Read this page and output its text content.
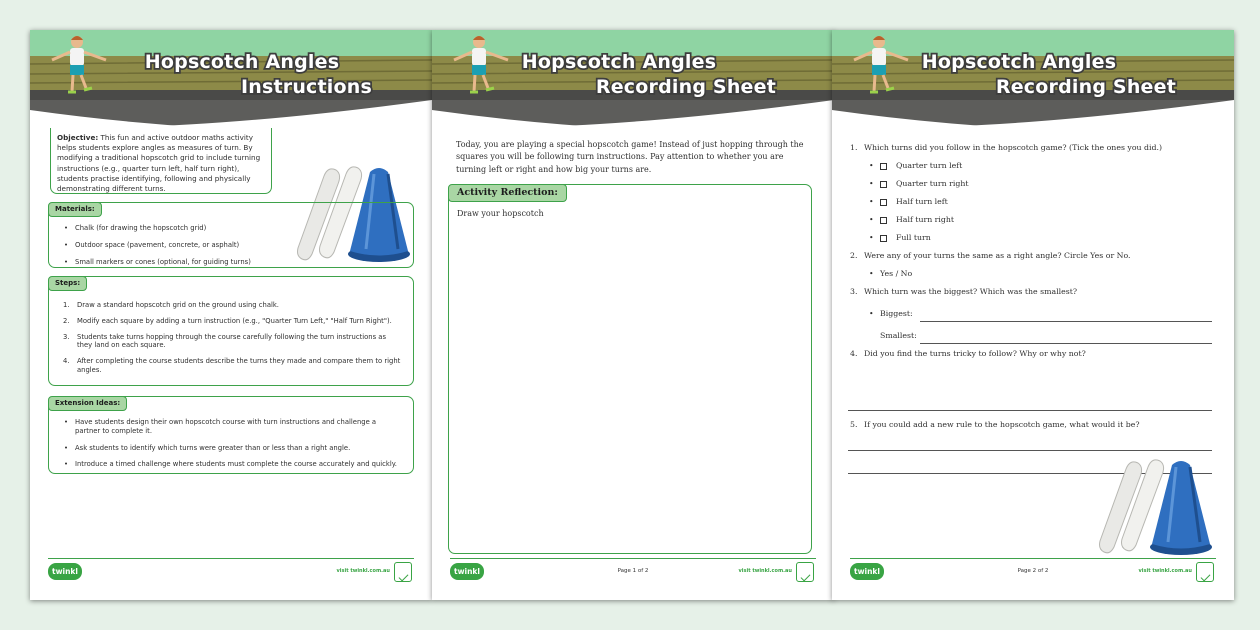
Hopscotch Angles
Instructions
Objective: This fun and active outdoor maths activity helps students explore angles as measures of turn. By modifying a traditional hopscotch grid to include turning instructions (e.g., quarter turn left, half turn right), students practise identifying, following and physically demonstrating different turns.
Materials:
• Chalk (for drawing the hopscotch grid)
• Outdoor space (pavement, concrete, or asphalt)
• Small markers or cones (optional, for guiding turns)
Steps:
1. Draw a standard hopscotch grid on the ground using chalk.
2. Modify each square by adding a turn instruction (e.g., "Quarter Turn Left," "Half Turn Right").
3. Students take turns hopping through the course carefully following the turn instructions as they land on each square.
4. After completing the course students describe the turns they made and compare them to right angles.
Extension Ideas:
• Have students design their own hopscotch course with turn instructions and challenge a partner to complete it.
• Ask students to identify which turns were greater than or less than a right angle.
• Introduce a timed challenge where students must complete the course accurately and quickly.
twinkl	visit twinkl.com.au
Hopscotch Angles
Recording Sheet
Today, you are playing a special hopscotch game! Instead of just hopping through the squares you will be following turn instructions. Pay attention to whether you are turning left or right and how big your turns are.
Activity Reflection:
Draw your hopscotch
twinkl	Page 1 of 2	visit twinkl.com.au
Hopscotch Angles
Recording Sheet
1. Which turns did you follow in the hopscotch game? (Tick the ones you did.)
•	Quarter turn left
•	Quarter turn right
•	Half turn left
•	Half turn right
•	Full turn
2. Were any of your turns the same as a right angle? Circle Yes or No.
• Yes / No
3. Which turn was the biggest? Which was the smallest?
• Biggest:
Smallest:
4. Did you find the turns tricky to follow? Why or why not?
5. If you could add a new rule to the hopscotch game, what would it be?
twinkl	Page 2 of 2	visit twinkl.com.au
